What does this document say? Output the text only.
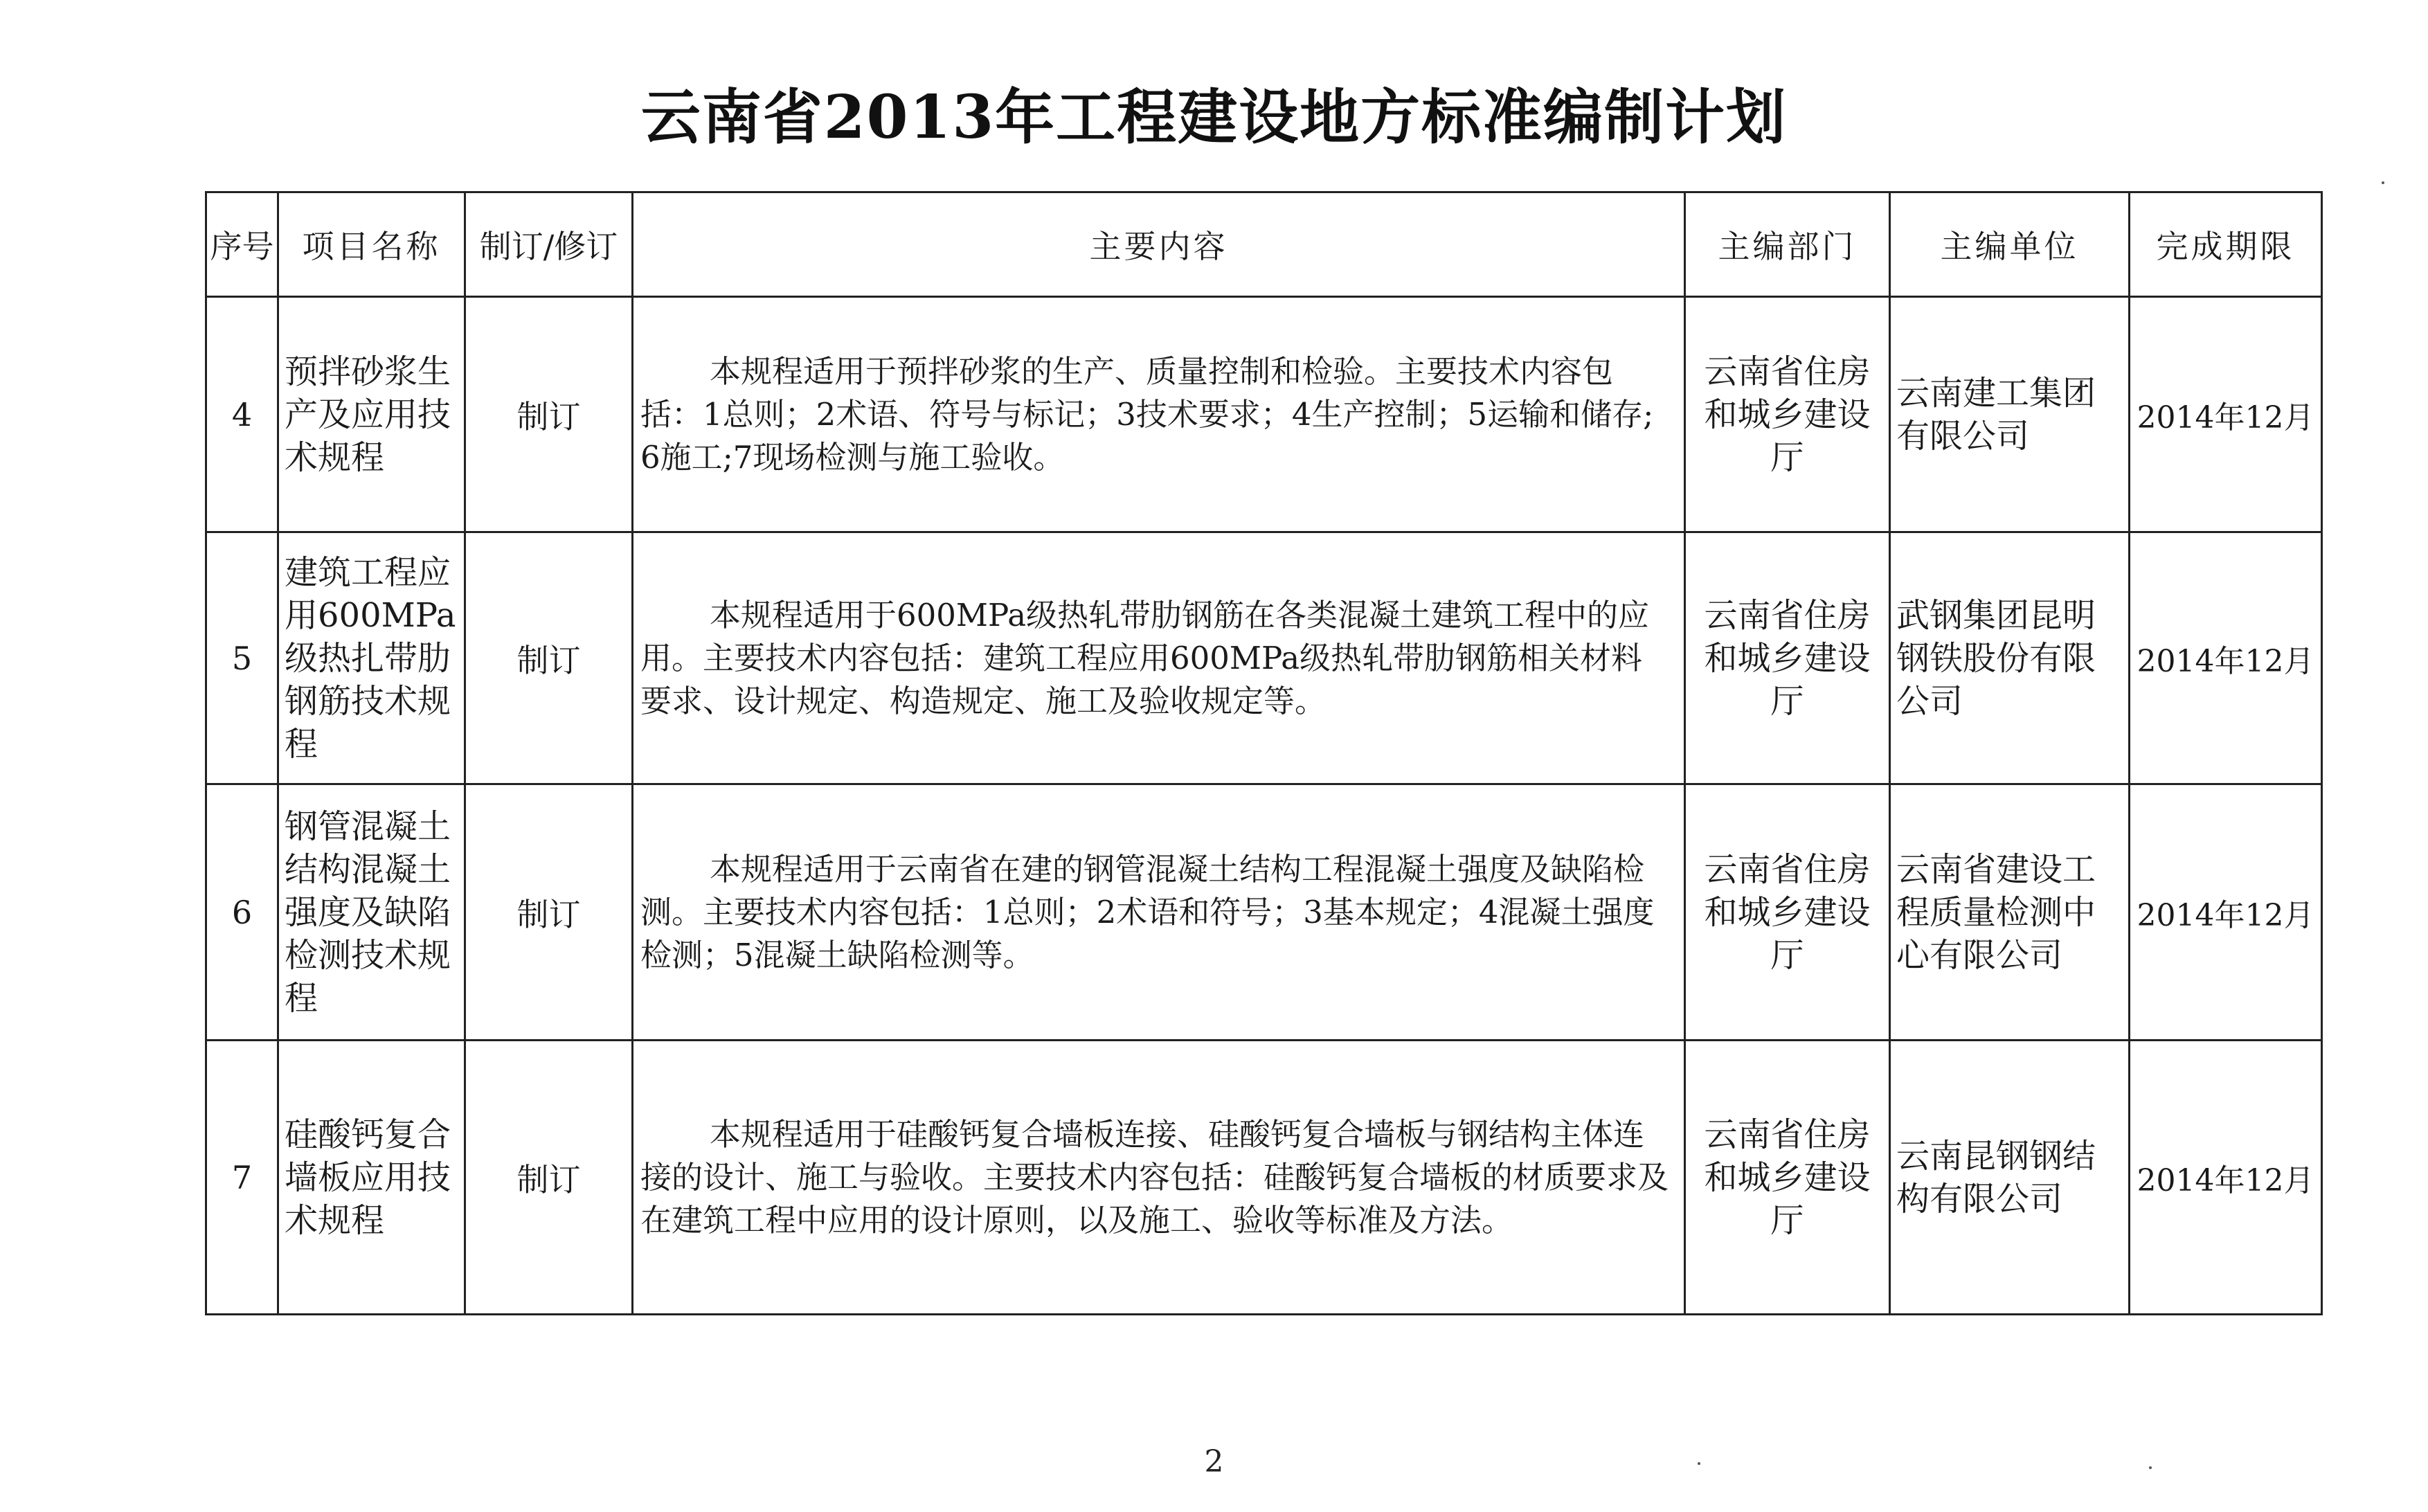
云南省2013年工程建设地方标准编制计划
序号	项目名称	制订/修订	主要内容	主编部门	主编单位	完成期限
4	预拌砂浆生产及应用技术规程	制订	本规程适用于预拌砂浆的生产、质量控制和检验。主要技术内容包括：1总则；2术语、符号与标记；3技术要求；4生产控制；5运输和储存;6施工;7现场检测与施工验收。	云南省住房和城乡建设厅	云南建工集团有限公司	2014年12月
5	建筑工程应用600MPa级热扎带肋钢筋技术规程	制订	本规程适用于600MPa级热轧带肋钢筋在各类混凝土建筑工程中的应用。主要技术内容包括：建筑工程应用600MPa级热轧带肋钢筋相关材料要求、设计规定、构造规定、施工及验收规定等。	云南省住房和城乡建设厅	武钢集团昆明钢铁股份有限公司	2014年12月
6	钢管混凝土结构混凝土强度及缺陷检测技术规程	制订	本规程适用于云南省在建的钢管混凝土结构工程混凝土强度及缺陷检测。主要技术内容包括：1总则；2术语和符号；3基本规定；4混凝土强度检测；5混凝土缺陷检测等。	云南省住房和城乡建设厅	云南省建设工程质量检测中心有限公司	2014年12月
7	硅酸钙复合墙板应用技术规程	制订	本规程适用于硅酸钙复合墙板连接、硅酸钙复合墙板与钢结构主体连接的设计、施工与验收。主要技术内容包括：硅酸钙复合墙板的材质要求及在建筑工程中应用的设计原则，以及施工、验收等标准及方法。	云南省住房和城乡建设厅	云南昆钢钢结构有限公司	2014年12月
2
